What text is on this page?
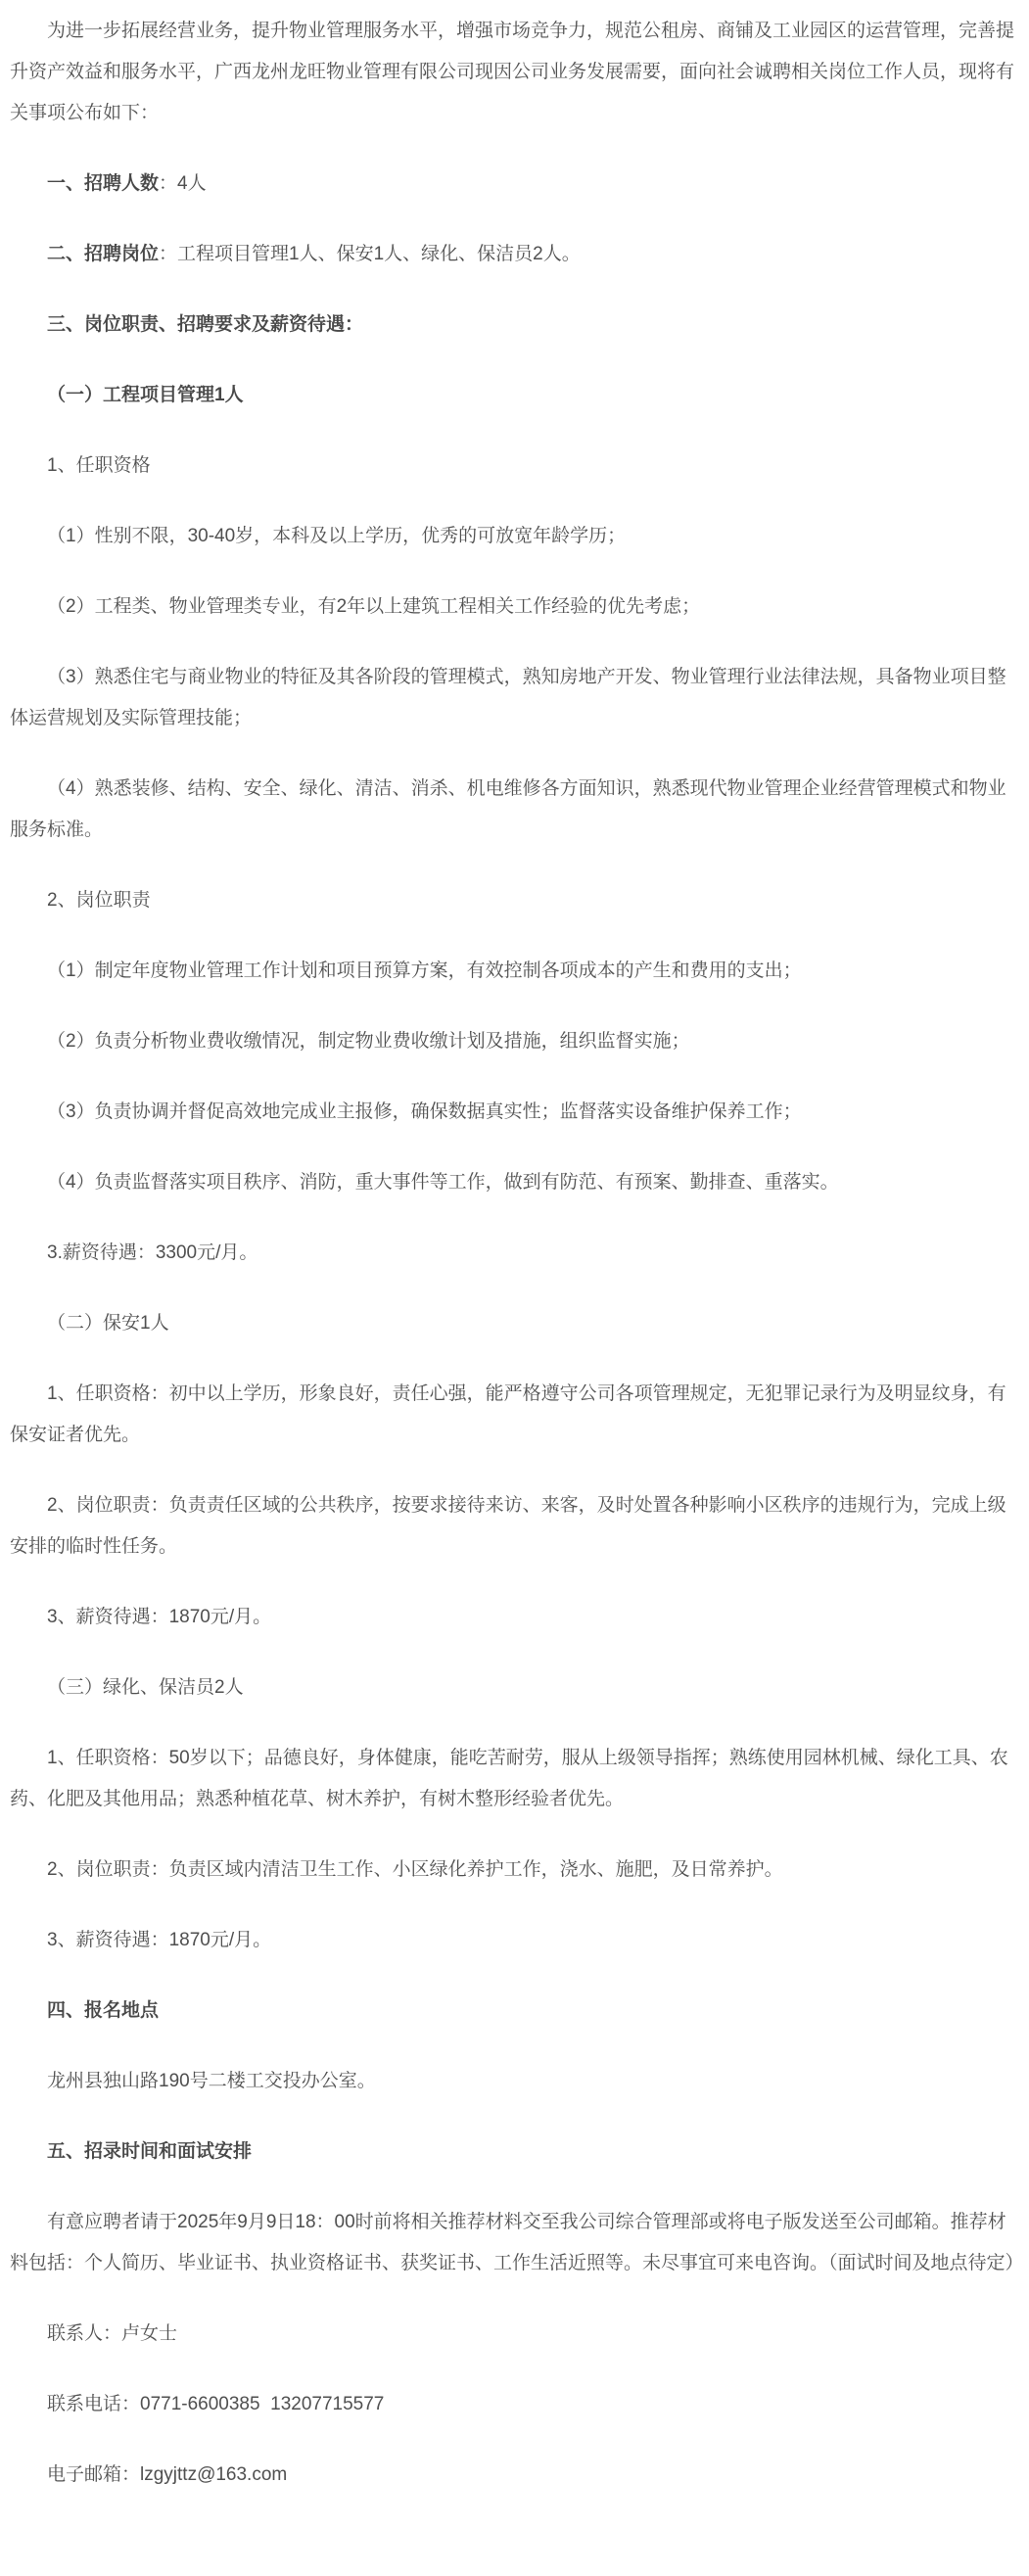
为进一步拓展经营业务，提升物业管理服务水平，增强市场竞争力，规范公租房、商铺及工业园区的运营管理，完善提升资产效益和服务水平，广西龙州龙旺物业管理有限公司现因公司业务发展需要，面向社会诚聘相关岗位工作人员，现将有关事项公布如下：

一、招聘人数：4人

二、招聘岗位：工程项目管理1人、保安1人、绿化、保洁员2人。

三、岗位职责、招聘要求及薪资待遇：

（一）工程项目管理1人

1、任职资格

（1）性别不限，30-40岁，本科及以上学历，优秀的可放宽年龄学历；

（2）工程类、物业管理类专业，有2年以上建筑工程相关工作经验的优先考虑；

（3）熟悉住宅与商业物业的特征及其各阶段的管理模式，熟知房地产开发、物业管理行业法律法规，具备物业项目整体运营规划及实际管理技能；

（4）熟悉装修、结构、安全、绿化、清洁、消杀、机电维修各方面知识，熟悉现代物业管理企业经营管理模式和物业服务标准。

2、岗位职责

（1）制定年度物业管理工作计划和项目预算方案，有效控制各项成本的产生和费用的支出；

（2）负责分析物业费收缴情况，制定物业费收缴计划及措施，组织监督实施；

（3）负责协调并督促高效地完成业主报修，确保数据真实性；监督落实设备维护保养工作；

（4）负责监督落实项目秩序、消防，重大事件等工作，做到有防范、有预案、勤排查、重落实。

3.薪资待遇：3300元/月。

（二）保安1人

1、任职资格：初中以上学历，形象良好，责任心强，能严格遵守公司各项管理规定，无犯罪记录行为及明显纹身，有保安证者优先。

2、岗位职责：负责责任区域的公共秩序，按要求接待来访、来客，及时处置各种影响小区秩序的违规行为，完成上级安排的临时性任务。

3、薪资待遇：1870元/月。

（三）绿化、保洁员2人

1、任职资格：50岁以下；品德良好，身体健康，能吃苦耐劳，服从上级领导指挥；熟练使用园林机械、绿化工具、农药、化肥及其他用品；熟悉种植花草、树木养护，有树木整形经验者优先。

2、岗位职责：负责区域内清洁卫生工作、小区绿化养护工作，浇水、施肥，及日常养护。

3、薪资待遇：1870元/月。

四、报名地点

龙州县独山路190号二楼工交投办公室。

五、招录时间和面试安排

有意应聘者请于2025年9月9日18：00时前将相关推荐材料交至我公司综合管理部或将电子版发送至公司邮箱。推荐材料包括：个人简历、毕业证书、执业资格证书、获奖证书、工作生活近照等。未尽事宜可来电咨询。（面试时间及地点待定）

联系人：卢女士

联系电话：0771-6600385  13207715577

电子邮箱：lzgyjttz@163.com
